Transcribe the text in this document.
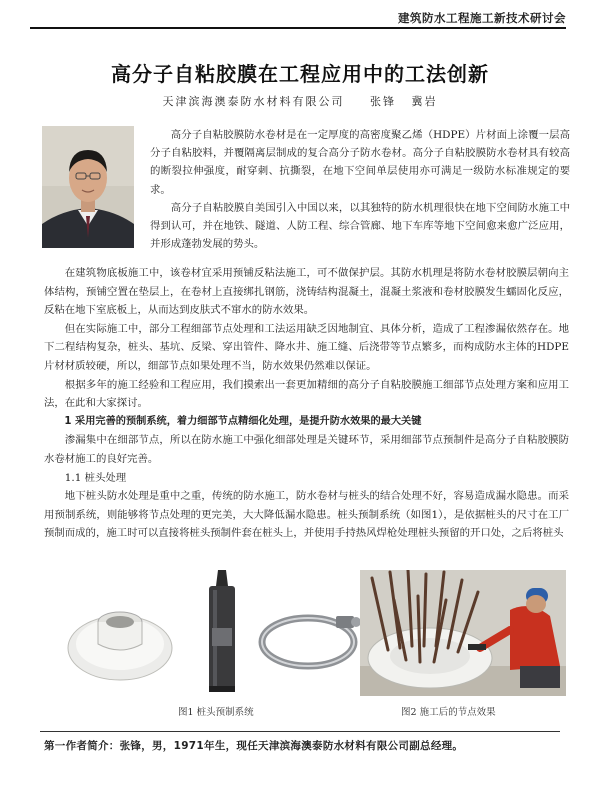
建筑防水工程施工新技术研讨会
高分子自粘胶膜在工程应用中的工法创新
天津滨海澳泰防水材料有限公司 张锋 冀岩

高分子自粘胶膜防水卷材是在一定厚度的高密度聚乙烯（HDPE）片材面上涂覆一层高分子自粘胶料，并覆隔离层制成的复合高分子防水卷材。高分子自粘胶膜防水卷材具有较高的断裂拉伸强度，耐穿刺、抗撕裂，在地下空间单层使用亦可满足一级防水标准规定的要求。

高分子自粘胶膜自美国引入中国以来，以其独特的防水机理很快在地下空间防水施工中得到认可，并在地铁、隧道、人防工程、综合管廊、地下车库等地下空间愈来愈广泛应用，并形成蓬勃发展的势头。

在建筑物底板施工中，该卷材宜采用预铺反粘法施工，可不做保护层。其防水机理是将防水卷材胶膜层朝向主体结构，预铺空置在垫层上，在卷材上直接绑扎钢筋，浇铸结构混凝土，混凝土浆液和卷材胶膜发生蠕固化反应，反粘在地下室底板上，从而达到皮肤式不窜水的防水效果。

但在实际施工中，部分工程细部节点处理和工法运用缺乏因地制宜、具体分析，造成了工程渗漏依然存在。地下二程结构复杂，桩头、基坑、反梁、穿出管件、降水井、施工缝、后浇带等节点繁多，而构成防水主体的HDPE片材材质较硬，所以，细部节点如果处理不当，防水效果仍然难以保证。

根据多年的施工经验和工程应用，我们摸索出一套更加精细的高分子自粘胶膜施工细部节点处理方案和应用工法，在此和大家探讨。

1 采用完善的预制系统，着力细部节点精细化处理，是提升防水效果的最大关键

渗漏集中在细部节点，所以在防水施工中强化细部处理是关键环节，采用细部节点预制件是高分子自粘胶膜防水卷材施工的良好完善。

1.1 桩头处理

地下桩头防水处理是重中之重，传统的防水施工，防水卷材与桩头的结合处理不好，容易造成漏水隐患。而采用预制系统，则能够将节点处理的更完美，大大降低漏水隐患。桩头预制系统（如图1），是依据桩头的尺寸在工厂预制而成的，施工时可以直接将桩头预制件套在桩头上，并使用手持热风焊枪处理桩头预留的开口处，之后将桩头

图1 桩头预制系统	图2 施工后的节点效果
第一作者简介：张锋，男，1971年生，现任天津滨海澳泰防水材料有限公司副总经理。
